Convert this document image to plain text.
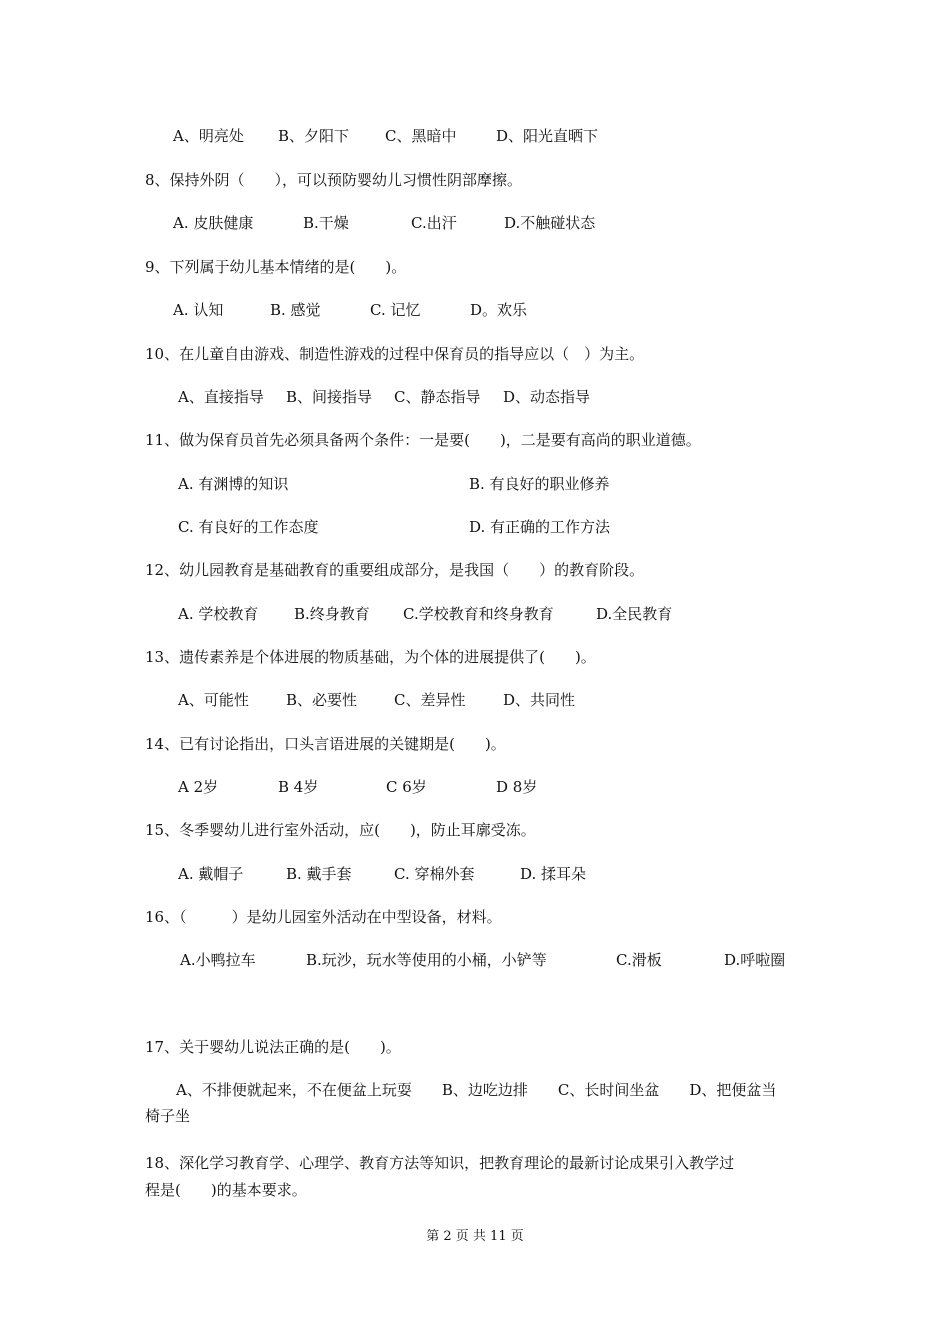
A、明亮处 B、夕阳下 C、黑暗中	D、阳光直晒下
8、保持外阴（　　），可以预防婴幼儿习惯性阴部摩擦。
A. 皮肤健康	B.干燥	C.出汗	D.不触碰状态
9、下列属于幼儿基本情绪的是(　　)。
A. 认知	B. 感觉	C. 记忆	D。欢乐
10、在儿童自由游戏、制造性游戏的过程中保育员的指导应以（　）为主。
A、直接指导 B、间接指导 C、静态指导 D、动态指导
11、做为保育员首先必须具备两个条件：一是要(　　)，二是要有高尚的职业道德。
A. 有渊博的知识	B. 有良好的职业修养
C. 有良好的工作态度	D. 有正确的工作方法
12、幼儿园教育是基础教育的重要组成部分，是我国（　　）的教育阶段。
A. 学校教育 B.终身教育 C.学校教育和终身教育	D.全民教育
13、遗传素养是个体进展的物质基础，为个体的进展提供了(　　)。
A、可能性 B、必要性 C、差异性	D、共同性
14、已有讨论指出，口头言语进展的关键期是(　　)。
A 2岁	B 4岁	C 6岁	D 8岁
15、冬季婴幼儿进行室外活动，应(　　)，防止耳廓受冻。
A. 戴帽子	B. 戴手套	C. 穿棉外套	D. 揉耳朵
16、（　　　）是幼儿园室外活动在中型设备，材料。
A.小鸭拉车	B.玩沙，玩水等使用的小桶，小铲等	C.滑板	D.呼啦圈
17、关于婴幼儿说法正确的是(　　)。
A、不排便就起来，不在便盆上玩耍　　B、边吃边排　　C、长时间坐盆　　D、把便盆当
椅子坐
18、深化学习教育学、心理学、教育方法等知识，把教育理论的最新讨论成果引入教学过
程是(　　)的基本要求。
第 2 页 共 11 页
